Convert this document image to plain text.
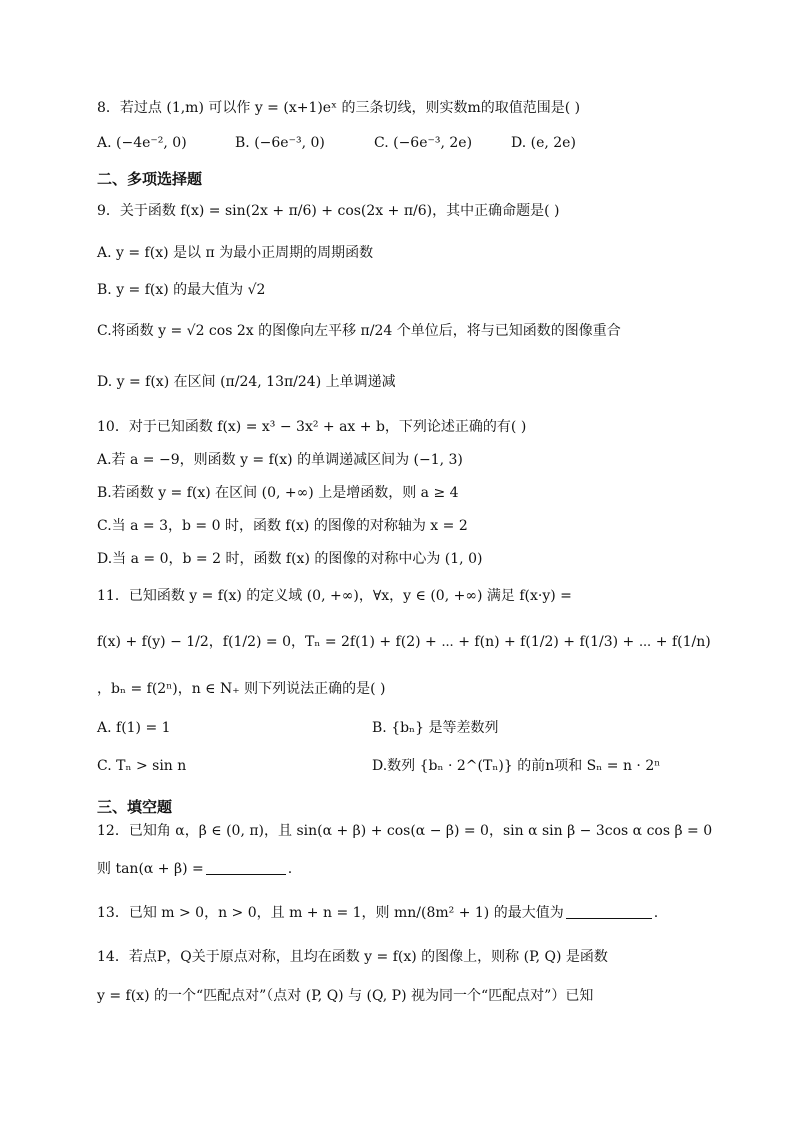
8．若过点 (1,m) 可以作 y = (x+1)eˣ 的三条切线，则实数m的取值范围是( )
A. (−4e⁻², 0)	B. (−6e⁻³, 0)	C. (−6e⁻³, 2e)	D. (e, 2e)
二、多项选择题
9．关于函数 f(x) = sin(2x + π/6) + cos(2x + π/6)，其中正确命题是( )
A. y = f(x) 是以 π 为最小正周期的周期函数
B. y = f(x) 的最大值为 √2
C.将函数 y = √2 cos 2x 的图像向左平移 π/24 个单位后，将与已知函数的图像重合
D. y = f(x) 在区间 (π/24, 13π/24) 上单调递减
10．对于已知函数 f(x) = x³ − 3x² + ax + b，下列论述正确的有( )
A.若 a = −9，则函数 y = f(x) 的单调递减区间为 (−1, 3)
B.若函数 y = f(x) 在区间 (0, +∞) 上是增函数，则 a ≥ 4
C.当 a = 3，b = 0 时，函数 f(x) 的图像的对称轴为 x = 2
D.当 a = 0，b = 2 时，函数 f(x) 的图像的对称中心为 (1, 0)
11．已知函数 y = f(x) 的定义域 (0, +∞)，∀x，y ∈ (0, +∞) 满足 f(x·y) =
f(x) + f(y) − 1/2，f(1/2) = 0，Tₙ = 2f(1) + f(2) + ⋯ + f(n) + f(1/2) + f(1/3) + ⋯ + f(1/n)
，bₙ = f(2ⁿ)，n ∈ N₊ 则下列说法正确的是( )
A. f(1) = 1	B. {bₙ} 是等差数列
C. Tₙ > sin n	D.数列 {bₙ · 2^(Tₙ)} 的前n项和 Sₙ = n · 2ⁿ
三、填空题
12．已知角 α，β ∈ (0, π)，且 sin(α + β) + cos(α − β) = 0，sin α sin β − 3cos α cos β = 0
则 tan(α + β) =	.
13．已知 m > 0，n > 0，且 m + n = 1，则 mn/(8m² + 1) 的最大值为	.
14．若点P，Q关于原点对称，且均在函数 y = f(x) 的图像上，则称 (P, Q) 是函数
y = f(x) 的一个“匹配点对”（点对 (P, Q) 与 (Q, P) 视为同一个“匹配点对”）已知
